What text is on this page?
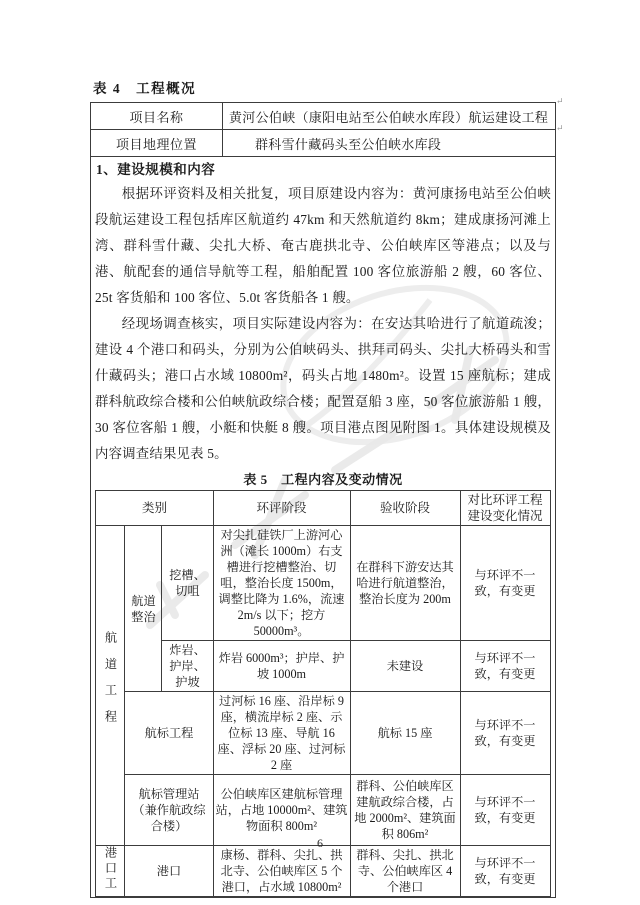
表 4　工程概况
项目名称	黄河公伯峡（康阳电站至公伯峡水库段）航运建设工程
项目地理位置	群科雪什藏码头至公伯峡水库段

1、建设规模和内容

根据环评资料及相关批复，项目原建设内容为：黄河康扬电站至公伯峡段航运建设工程包括库区航道约 47km 和天然航道约 8km；建成康扬河滩上湾、群科雪什藏、尖扎大桥、奄古鹿拱北寺、公伯峡库区等港点；以及与港、航配套的通信导航等工程，船舶配置 100 客位旅游船 2 艘，60 客位、25t 客货船和 100 客位、5.0t 客货船各 1 艘。

经现场调查核实，项目实际建设内容为：在安达其哈进行了航道疏浚；建设 4 个港口和码头，分别为公伯峡码头、拱拜司码头、尖扎大桥码头和雪什藏码头；港口占水域 10800m²，码头占地 1480m²。设置 15 座航标；建成群科航政综合楼和公伯峡航政综合楼；配置趸船 3 座，50 客位旅游船 1 艘，30 客位客船 1 艘，小艇和快艇 8 艘。项目港点图见附图 1。具体建设规模及内容调查结果见表 5。

表 5　工程内容及变动情况
类别	环评阶段	验收阶段	对比环评工程建设变化情况
航道工程	航道整治	挖槽、切咀	对尖扎硅铁厂上游河心洲（滩长 1000m）右支槽进行挖槽整治、切咀，整治长度 1500m，调整比降为 1.6%，流速 2m/s 以下；挖方 50000m³。	在群科下游安达其哈进行航道整治，整治长度为 200m	与环评不一致，有变更
炸岩、护岸、护坡	炸岩 6000m³；护岸、护坡 1000m	未建设	与环评不一致，有变更
航标工程	过河标 16 座、沿岸标 9 座，横流岸标 2 座、示位标 13 座、导航 16 座、浮标 20 座、过河标 2 座	航标 15 座	与环评不一致，有变更
航标管理站（兼作航政综合楼）	公伯峡库区建航标管理站，占地 10000m²、建筑物面积 800m²	群科、公伯峡库区建航政综合楼，占地 2000m²、建筑面积 806m²	与环评不一致，有变更
港口工	港口	康杨、群科、尖扎、拱北寺、公伯峡库区 5 个港口，占水域 10800m²	群科、尖扎、拱北寺、公伯峡库区 4 个港口	与环评不一致，有变更
↵
↵
6
